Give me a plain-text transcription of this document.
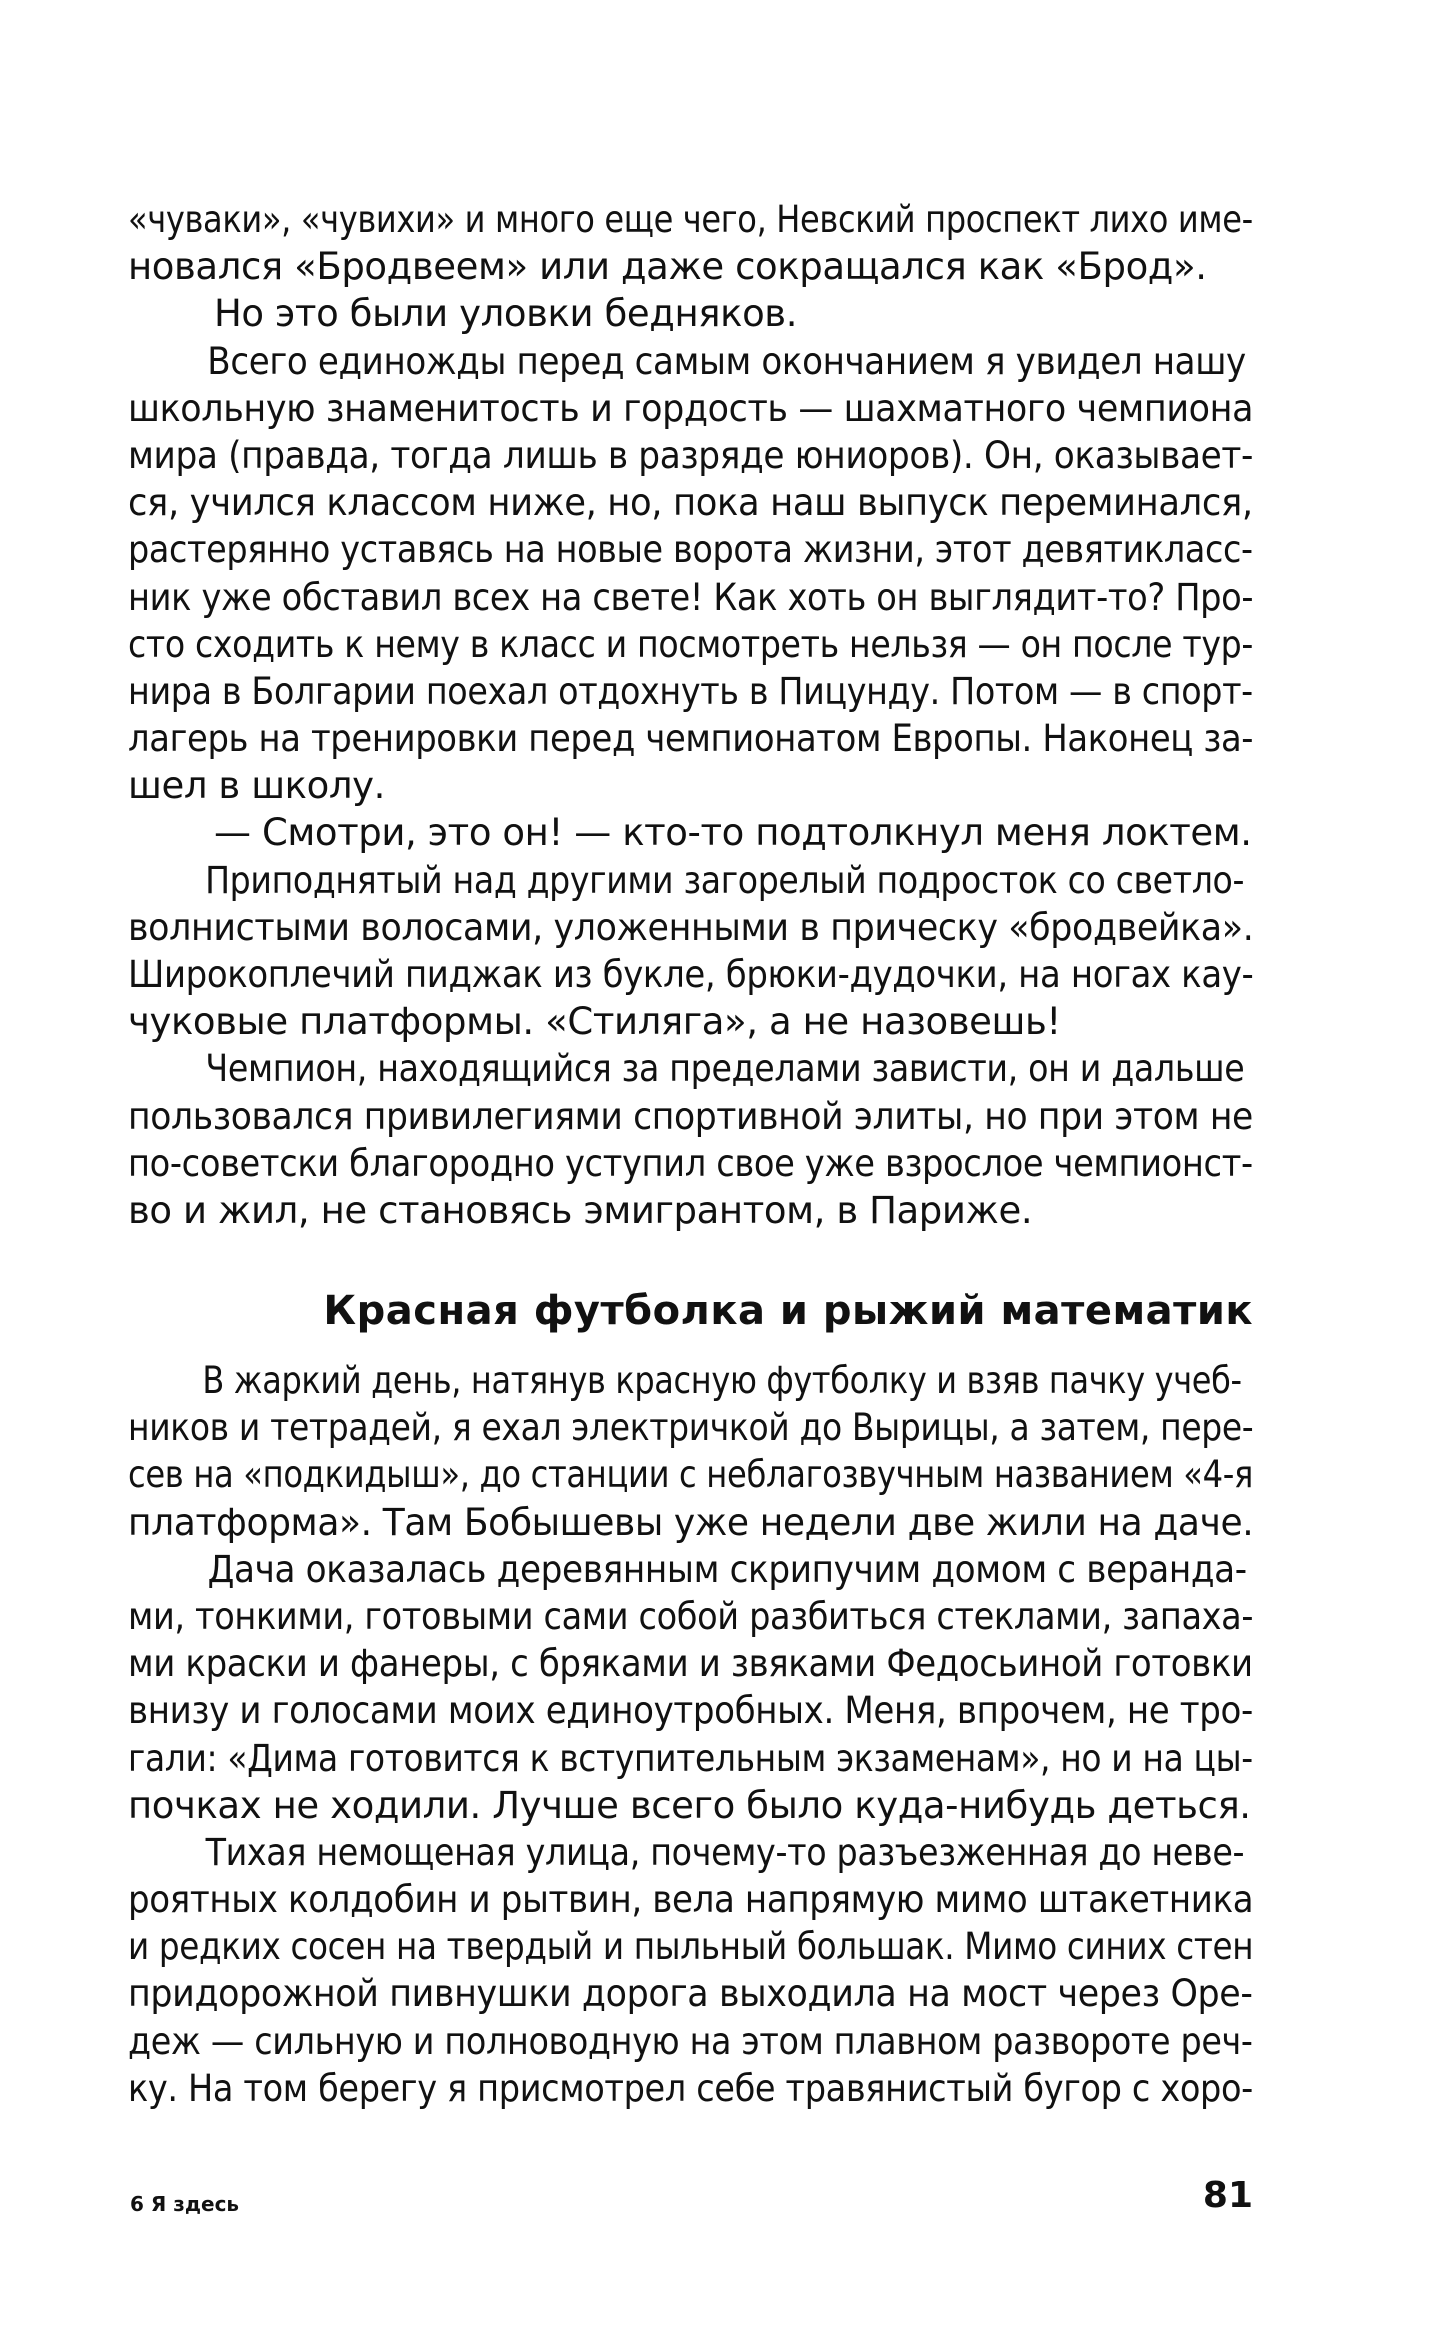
«чуваки», «чувихи» и много еще чего, Невский проспект лихо име-
новался «Бродвеем» или даже сокращался как «Брод».
Но это были уловки бедняков.
Всего единожды перед самым окончанием я увидел нашу
школьную знаменитость и гордость — шахматного чемпиона
мира (правда, тогда лишь в разряде юниоров). Он, оказывает-
ся, учился классом ниже, но, пока наш выпуск переминался,
растерянно уставясь на новые ворота жизни, этот девятикласс-
ник уже обставил всех на свете! Как хоть он выглядит-то? Про-
сто сходить к нему в класс и посмотреть нельзя — он после тур-
нира в Болгарии поехал отдохнуть в Пицунду. Потом — в спорт-
лагерь на тренировки перед чемпионатом Европы. Наконец за-
шел в школу.
— Смотри, это он! — кто-то подтолкнул меня локтем.
Приподнятый над другими загорелый подросток со светло-
волнистыми волосами, уложенными в прическу «бродвейка».
Широкоплечий пиджак из букле, брюки-дудочки, на ногах кау-
чуковые платформы. «Стиляга», а не назовешь!
Чемпион, находящийся за пределами зависти, он и дальше
пользовался привилегиями спортивной элиты, но при этом не
по-советски благородно уступил свое уже взрослое чемпионст-
во и жил, не становясь эмигрантом, в Париже.
Красная футболка и рыжий математик
В жаркий день, натянув красную футболку и взяв пачку учеб-
ников и тетрадей, я ехал электричкой до Вырицы, а затем, пере-
сев на «подкидыш», до станции с неблагозвучным названием «4-я
платформа». Там Бобышевы уже недели две жили на даче.
Дача оказалась деревянным скрипучим домом с веранда-
ми, тонкими, готовыми сами собой разбиться стеклами, запаха-
ми краски и фанеры, с бряками и звяками Федосьиной готовки
внизу и голосами моих единоутробных. Меня, впрочем, не тро-
гали: «Дима готовится к вступительным экзаменам», но и на цы-
почках не ходили. Лучше всего было куда-нибудь деться.
Тихая немощеная улица, почему-то разъезженная до неве-
роятных колдобин и рытвин, вела напрямую мимо штакетника
и редких сосен на твердый и пыльный большак. Мимо синих стен
придорожной пивнушки дорога выходила на мост через Оре-
деж — сильную и полноводную на этом плавном развороте реч-
ку. На том берегу я присмотрел себе травянистый бугор с хоро-
6 Я здесь	81
